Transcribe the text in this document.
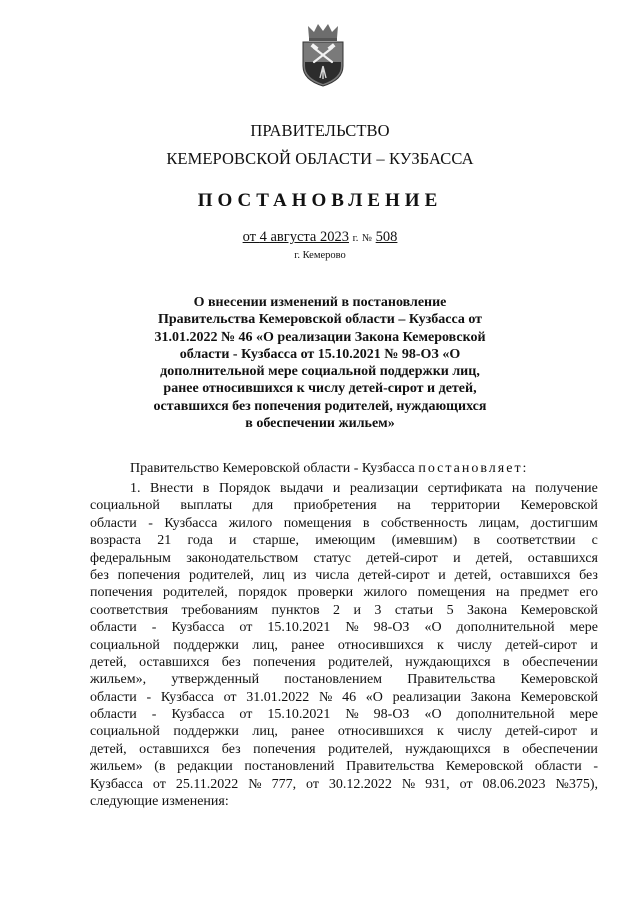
ПРАВИТЕЛЬСТВО
КЕМЕРОВСКОЙ ОБЛАСТИ – КУЗБАССА
ПОСТАНОВЛЕНИЕ
от 4 августа 2023 г. № 508
г. Кемерово
О внесении изменений в постановление
Правительства Кемеровской области – Кузбасса от
31.01.2022 № 46 «О реализации Закона Кемеровской
области - Кузбасса от 15.10.2021 № 98-ОЗ «О
дополнительной мере социальной поддержки лиц,
ранее относившихся к числу детей-сирот и детей,
оставшихся без попечения родителей, нуждающихся
в обеспечении жильем»
Правительство Кемеровской области - Кузбасса постановляет:
1. Внести в Порядок выдачи и реализации сертификата на получение
социальной выплаты для приобретения на территории Кемеровской
области - Кузбасса жилого помещения в собственность лицам, достигшим
возраста 21 года и старше, имеющим (имевшим) в соответствии с
федеральным законодательством статус детей-сирот и детей, оставшихся
без попечения родителей, лиц из числа детей-сирот и детей, оставшихся без
попечения родителей, порядок проверки жилого помещения на предмет его
соответствия требованиям пунктов 2 и 3 статьи 5 Закона Кемеровской
области - Кузбасса от 15.10.2021 № 98-ОЗ «О дополнительной мере
социальной поддержки лиц, ранее относившихся к числу детей-сирот и
детей, оставшихся без попечения родителей, нуждающихся в обеспечении
жильем», утвержденный постановлением Правительства Кемеровской
области - Кузбасса от 31.01.2022 № 46 «О реализации Закона Кемеровской
области - Кузбасса от 15.10.2021 № 98-ОЗ «О дополнительной мере
социальной поддержки лиц, ранее относившихся к числу детей-сирот и
детей, оставшихся без попечения родителей, нуждающихся в обеспечении
жильем» (в редакции постановлений Правительства Кемеровской области -
Кузбасса от 25.11.2022 № 777, от 30.12.2022 № 931, от 08.06.2023 №375),
следующие изменения:
